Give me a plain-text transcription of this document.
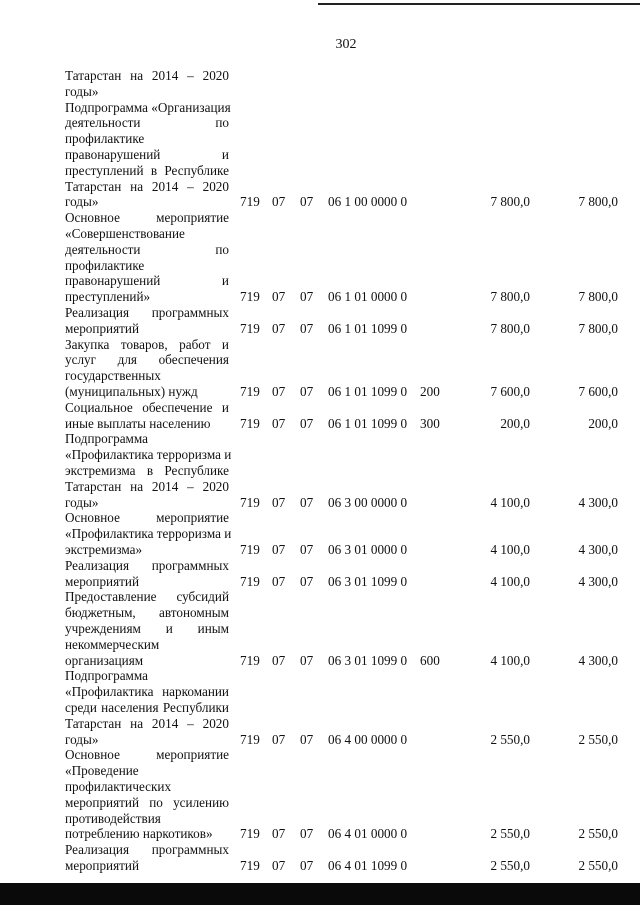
302
Татарстан на 2014 – 2020
годы»
Подпрограмма «Организация
деятельности по
профилактике
правонарушений и
преступлений в Республике
Татарстан на 2014 – 2020
годы»	719 07 07 06 1 00 0000 0	7 800,0	7 800,0
Основное мероприятие
«Совершенствование
деятельности по
профилактике
правонарушений и
преступлений»	719 07 07 06 1 01 0000 0	7 800,0	7 800,0
Реализация программных
мероприятий	719 07 07 06 1 01 1099 0	7 800,0	7 800,0
Закупка товаров, работ и
услуг для обеспечения
государственных
(муниципальных) нужд	719 07 07 06 1 01 1099 0 200	7 600,0	7 600,0
Социальное обеспечение и
иные выплаты населению	719 07 07 06 1 01 1099 0 300	200,0	200,0
Подпрограмма
«Профилактика терроризма и
экстремизма в Республике
Татарстан на 2014 – 2020
годы»	719 07 07 06 3 00 0000 0	4 100,0	4 300,0
Основное мероприятие
«Профилактика терроризма и
экстремизма»	719 07 07 06 3 01 0000 0	4 100,0	4 300,0
Реализация программных
мероприятий	719 07 07 06 3 01 1099 0	4 100,0	4 300,0
Предоставление субсидий
бюджетным, автономным
учреждениям и иным
некоммерческим
организациям	719 07 07 06 3 01 1099 0 600	4 100,0	4 300,0
Подпрограмма
«Профилактика наркомании
среди населения Республики
Татарстан на 2014 – 2020
годы»	719 07 07 06 4 00 0000 0	2 550,0	2 550,0
Основное мероприятие
«Проведение
профилактических
мероприятий по усилению
противодействия
потреблению наркотиков»	719 07 07 06 4 01 0000 0	2 550,0	2 550,0
Реализация программных
мероприятий	719 07 07 06 4 01 1099 0	2 550,0	2 550,0
